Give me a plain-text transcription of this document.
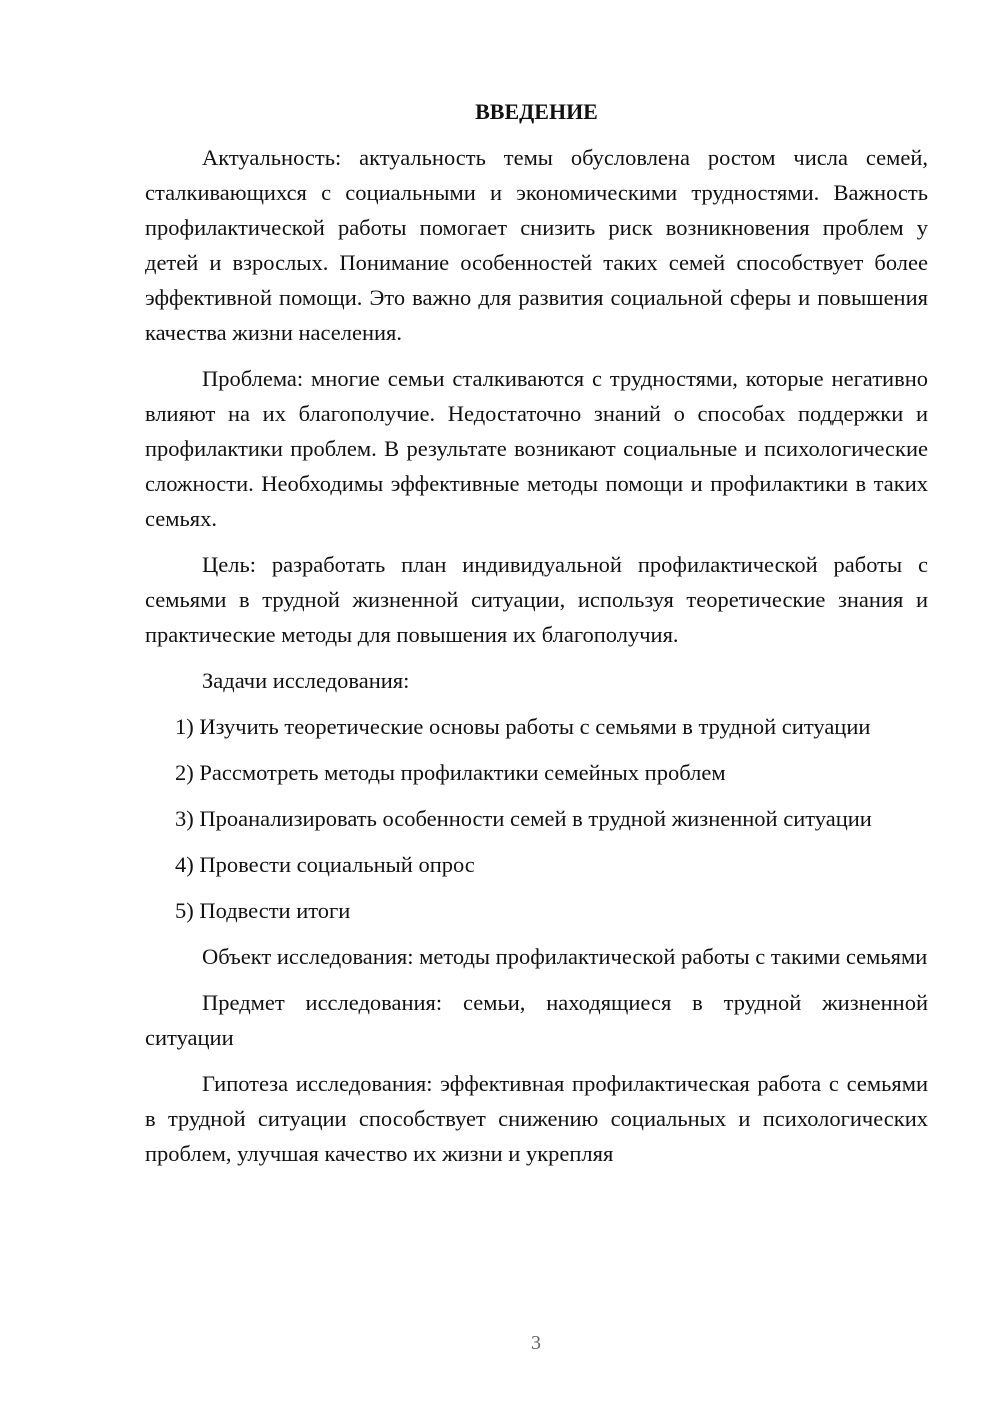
ВВЕДЕНИЕ

Актуальность: актуальность темы обусловлена ростом числа семей, сталкивающихся с социальными и экономическими трудностями. Важность профилактической работы помогает снизить риск возникновения проблем у детей и взрослых. Понимание особенностей таких семей способствует более эффективной помощи. Это важно для развития социальной сферы и повышения качества жизни населения.

Проблема: многие семьи сталкиваются с трудностями, которые негативно влияют на их благополучие. Недостаточно знаний о способах поддержки и профилактики проблем. В результате возникают социальные и психологические сложности. Необходимы эффективные методы помощи и профилактики в таких семьях.

Цель: разработать план индивидуальной профилактической работы с семьями в трудной жизненной ситуации, используя теоретические знания и практические методы для повышения их благополучия.

Задачи исследования:

1) Изучить теоретические основы работы с семьями в трудной ситуации

2) Рассмотреть методы профилактики семейных проблем

3) Проанализировать особенности семей в трудной жизненной ситуации

4) Провести социальный опрос

5) Подвести итоги

Объект исследования: методы профилактической работы с такими семьями

Предмет исследования: семьи, находящиеся в трудной жизненной ситуации

Гипотеза исследования: эффективная профилактическая работа с семьями в трудной ситуации способствует снижению социальных и психологических проблем, улучшая качество их жизни и укрепляя

3
